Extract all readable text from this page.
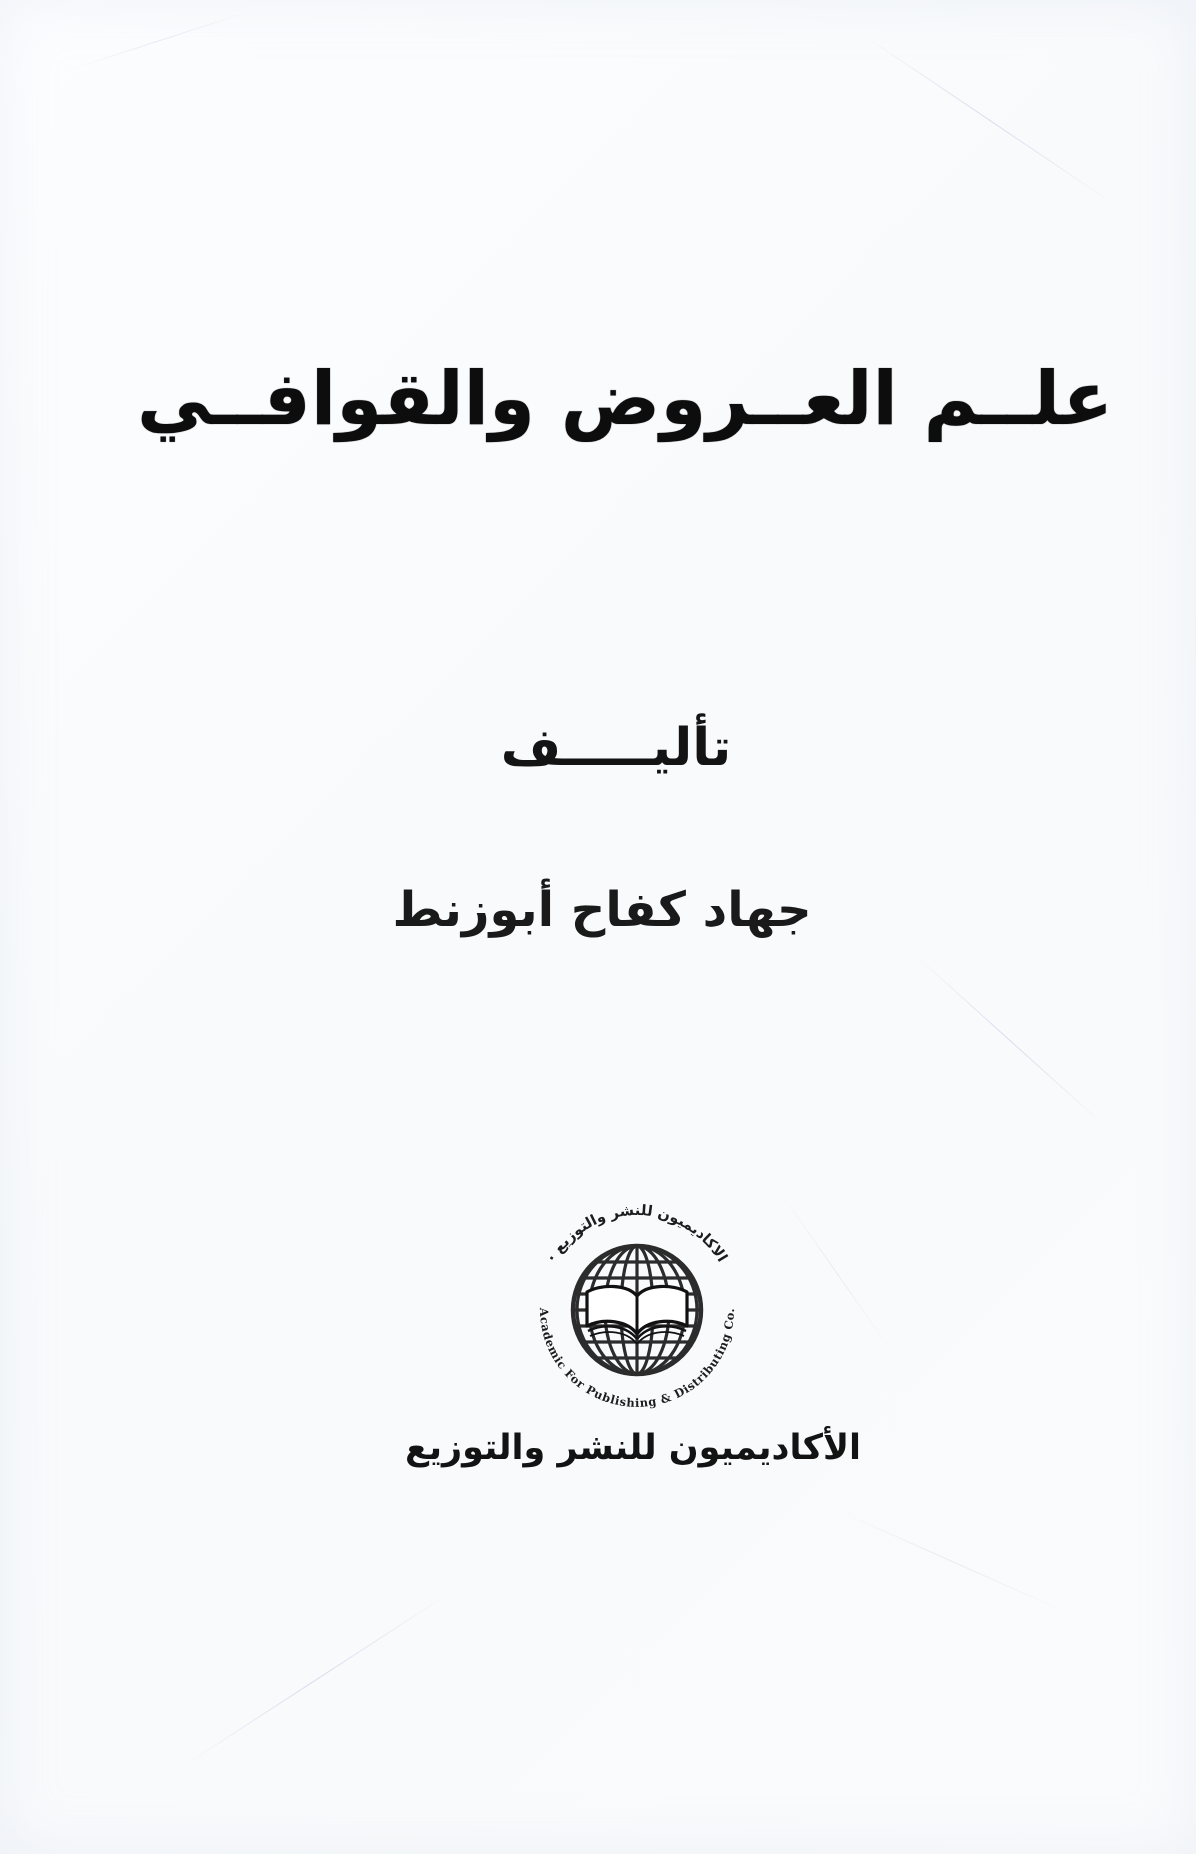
علــم العــروض والقوافــي
تأليـــــف
جهاد كفاح أبوزنط
· الاكاديميون للنشر والتوزيع
Academic For Publishing & Distributing Co.
الأكاديميون للنشر والتوزيع
